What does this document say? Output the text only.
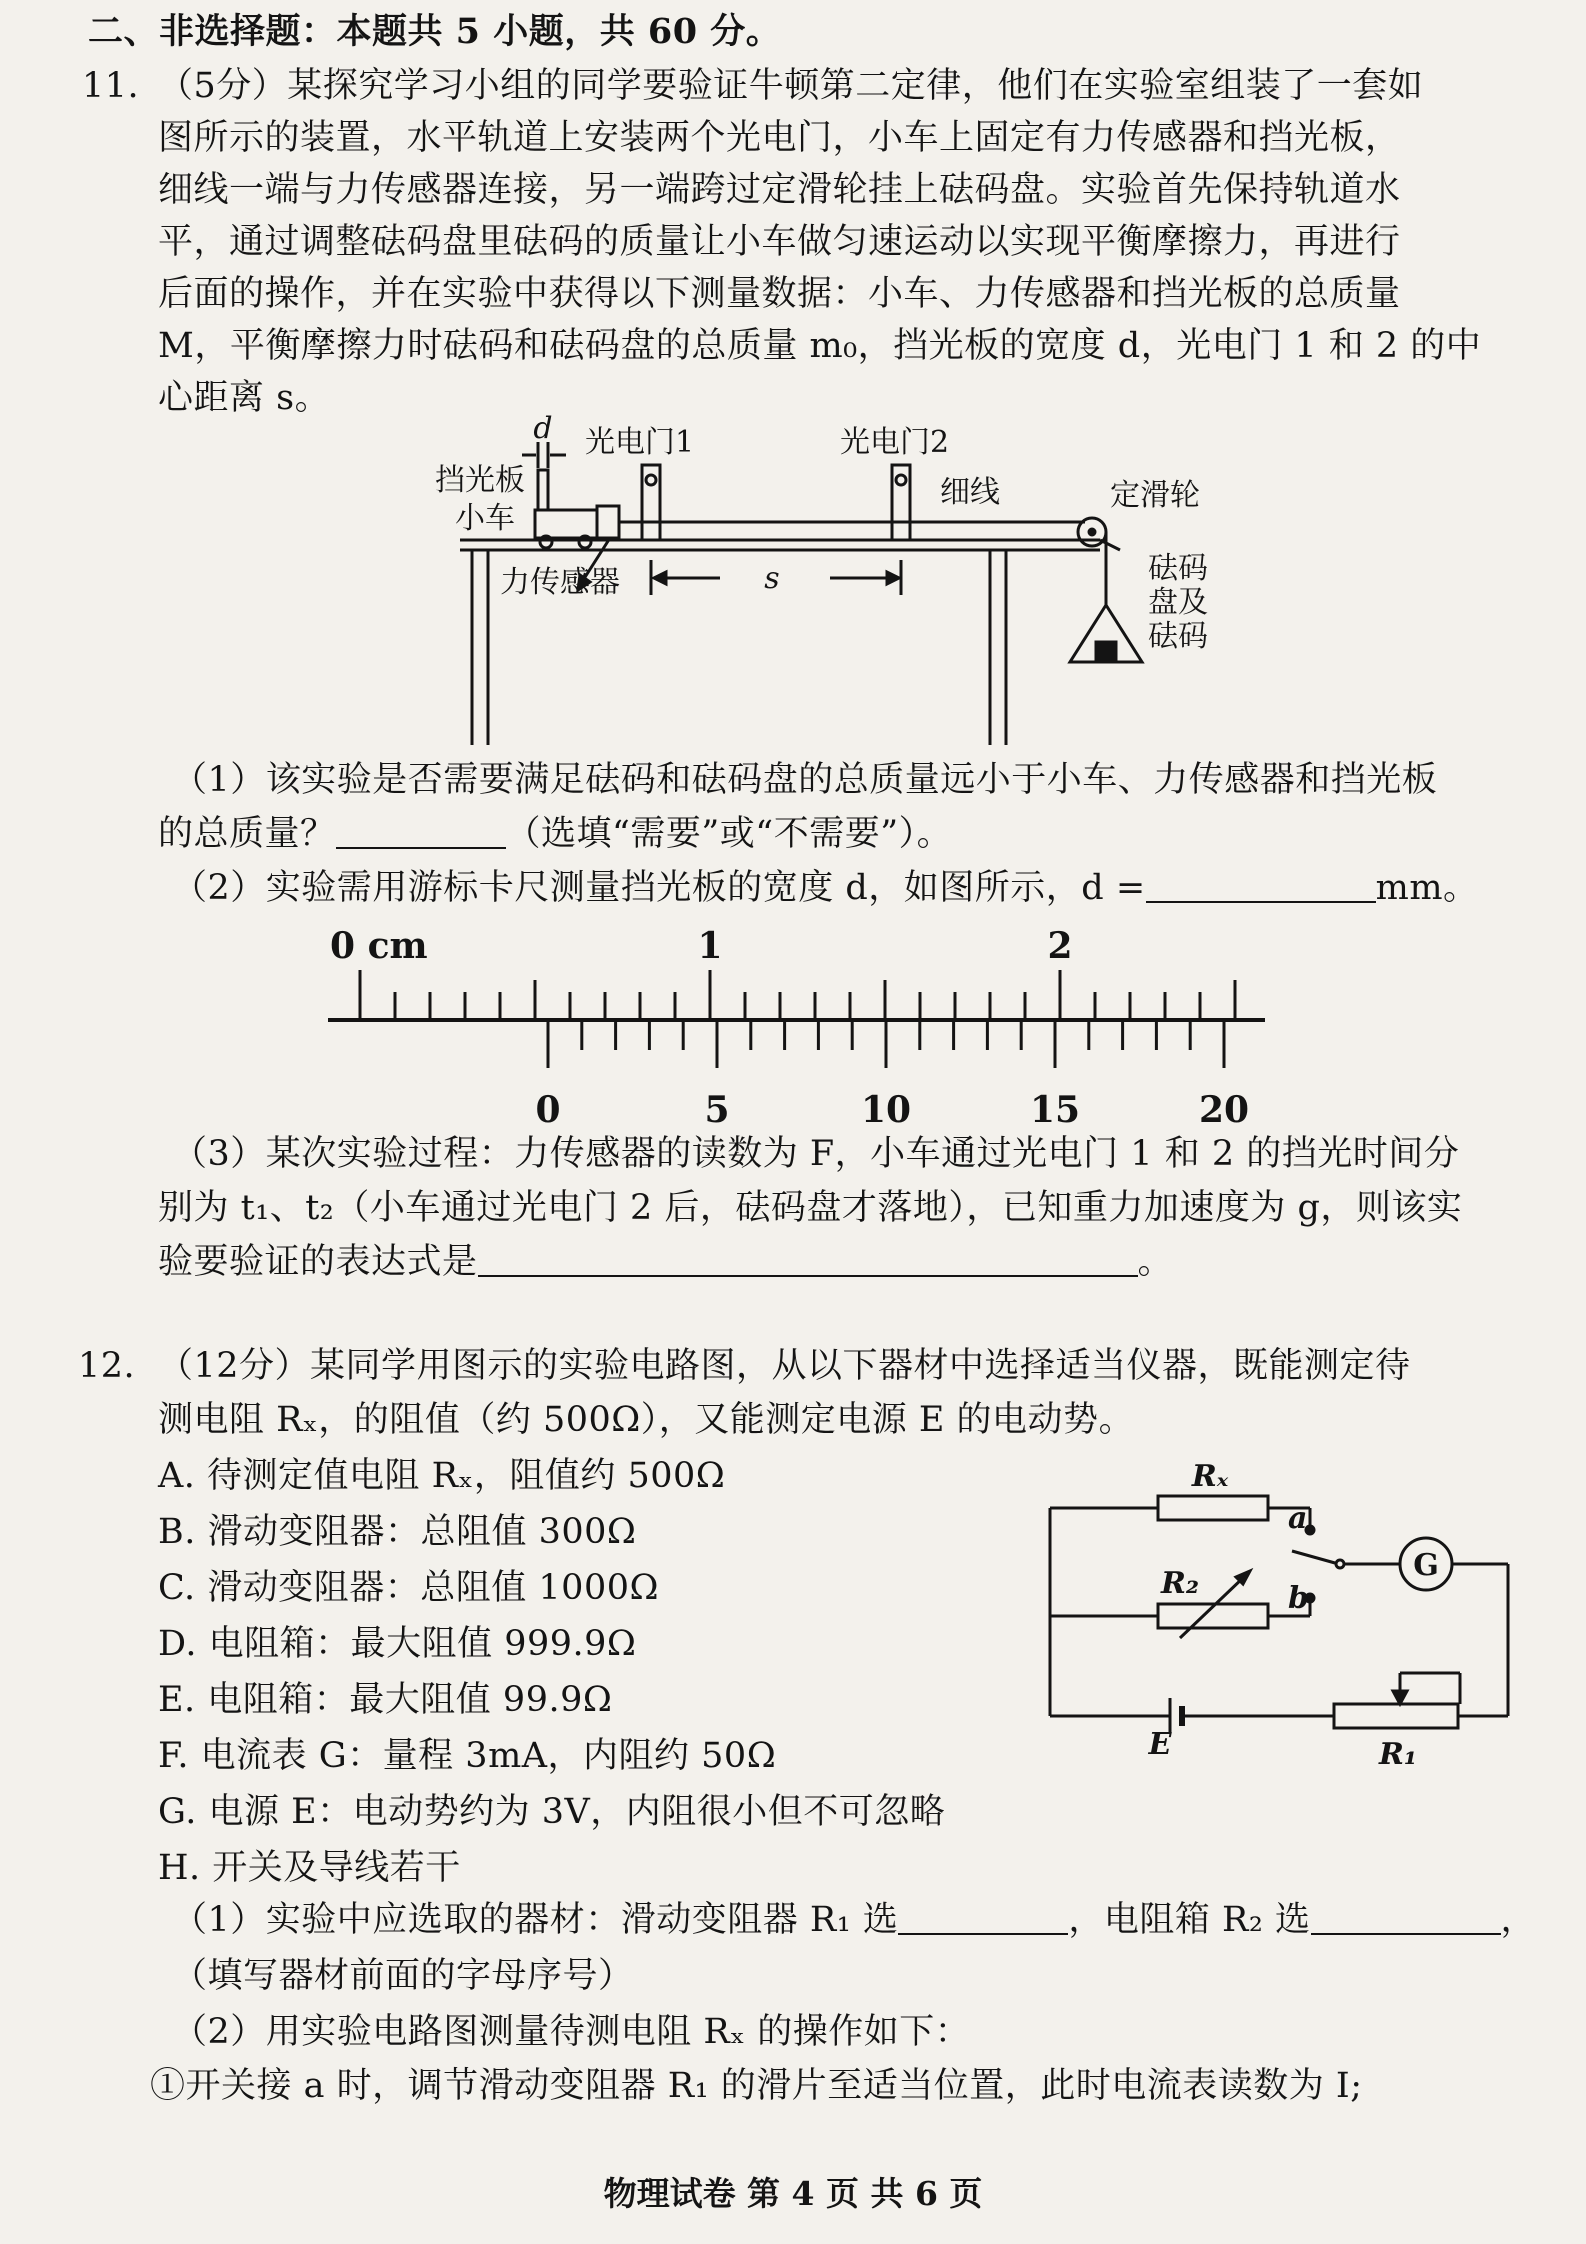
二、非选择题：本题共 5 小题，共 60 分。
11. （5分）某探究学习小组的同学要验证牛顿第二定律，他们在实验室组装了一套如
图所示的装置，水平轨道上安装两个光电门，小车上固定有力传感器和挡光板，
细线一端与力传感器连接，另一端跨过定滑轮挂上砝码盘。实验首先保持轨道水
平，通过调整砝码盘里砝码的质量让小车做匀速运动以实现平衡摩擦力，再进行
后面的操作，并在实验中获得以下测量数据：小车、力传感器和挡光板的总质量
M，平衡摩擦力时砝码和砝码盘的总质量 m₀，挡光板的宽度 d，光电门 1 和 2 的中
心距离 s。
d 光电门1	光电门2
挡光板
小车
细线	定滑轮
力传感器	s	砝码
盘及
砝码
（1）该实验是否需要满足砝码和砝码盘的总质量远小于小车、力传感器和挡光板
的总质量？	（选填“需要”或“不需要”）。
（2）实验需用游标卡尺测量挡光板的宽度 d，如图所示，d =	mm。
0 cm	1	2
0	5	10	15	20
（3）某次实验过程：力传感器的读数为 F，小车通过光电门 1 和 2 的挡光时间分
别为 t₁、t₂（小车通过光电门 2 后，砝码盘才落地），已知重力加速度为 g，则该实
验要验证的表达式是	。
12. （12分）某同学用图示的实验电路图，从以下器材中选择适当仪器，既能测定待
测电阻 Rₓ，的阻值（约 500Ω），又能测定电源 E 的电动势。
A. 待测定值电阻 Rₓ，阻值约 500Ω
B. 滑动变阻器：总阻值 300Ω
C. 滑动变阻器：总阻值 1000Ω
D. 电阻箱：最大阻值 999.9Ω
E. 电阻箱：最大阻值 99.9Ω
F. 电流表 G：量程 3mA，内阻约 50Ω
G. 电源 E：电动势约为 3V，内阻很小但不可忽略
H. 开关及导线若干
Rₓ
R₂
a
b
G
E	R₁
（1）实验中应选取的器材：滑动变阻器 R₁ 选	，电阻箱 R₂ 选	，
（填写器材前面的字母序号）
（2）用实验电路图测量待测电阻 Rₓ 的操作如下：
①开关接 a 时，调节滑动变阻器 R₁ 的滑片至适当位置，此时电流表读数为 I;
物理试卷 第 4 页 共 6 页
